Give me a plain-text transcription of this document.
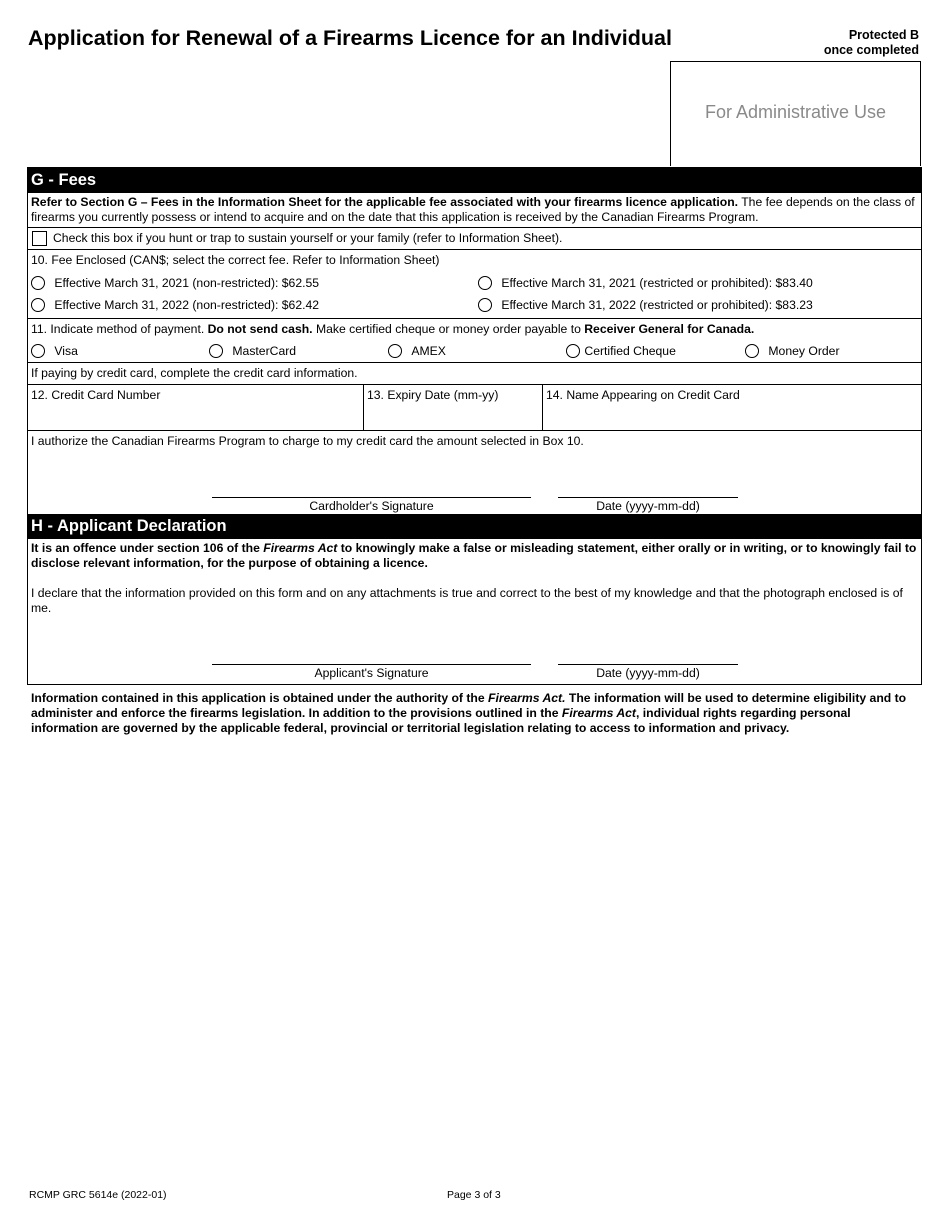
Application for Renewal of a Firearms Licence for an Individual	Protected B
once completed
For Administrative Use
G - Fees
Refer to Section G – Fees in the Information Sheet for the applicable fee associated with your firearms licence application. The fee depends on the class of firearms you currently possess or intend to acquire and on the date that this application is received by the Canadian Firearms Program.
Check this box if you hunt or trap to sustain yourself or your family (refer to Information Sheet).
10. Fee Enclosed (CAN$; select the correct fee. Refer to Information Sheet)
Effective March 31, 2021 (non-restricted): $62.55	Effective March 31, 2021 (restricted or prohibited): $83.40
Effective March 31, 2022 (non-restricted): $62.42	Effective March 31, 2022 (restricted or prohibited): $83.23
11. Indicate method of payment. Do not send cash. Make certified cheque or money order payable to Receiver General for Canada.
Visa	MasterCard	AMEX	Certified Cheque	Money Order
If paying by credit card, complete the credit card information.
12. Credit Card Number	13. Expiry Date (mm-yy)	14. Name Appearing on Credit Card
I authorize the Canadian Firearms Program to charge to my credit card the amount selected in Box 10.
Cardholder's Signature	Date (yyyy-mm-dd)
H - Applicant Declaration
It is an offence under section 106 of the Firearms Act to knowingly make a false or misleading statement, either orally or in writing, or to knowingly fail to disclose relevant information, for the purpose of obtaining a licence.
I declare that the information provided on this form and on any attachments is true and correct to the best of my knowledge and that the photograph enclosed is of me.
Applicant's Signature	Date (yyyy-mm-dd)
Information contained in this application is obtained under the authority of the Firearms Act. The information will be used to determine eligibility and to administer and enforce the firearms legislation. In addition to the provisions outlined in the Firearms Act, individual rights regarding personal information are governed by the applicable federal, provincial or territorial legislation relating to access to information and privacy.
RCMP GRC 5614e (2022-01)	Page 3 of 3
